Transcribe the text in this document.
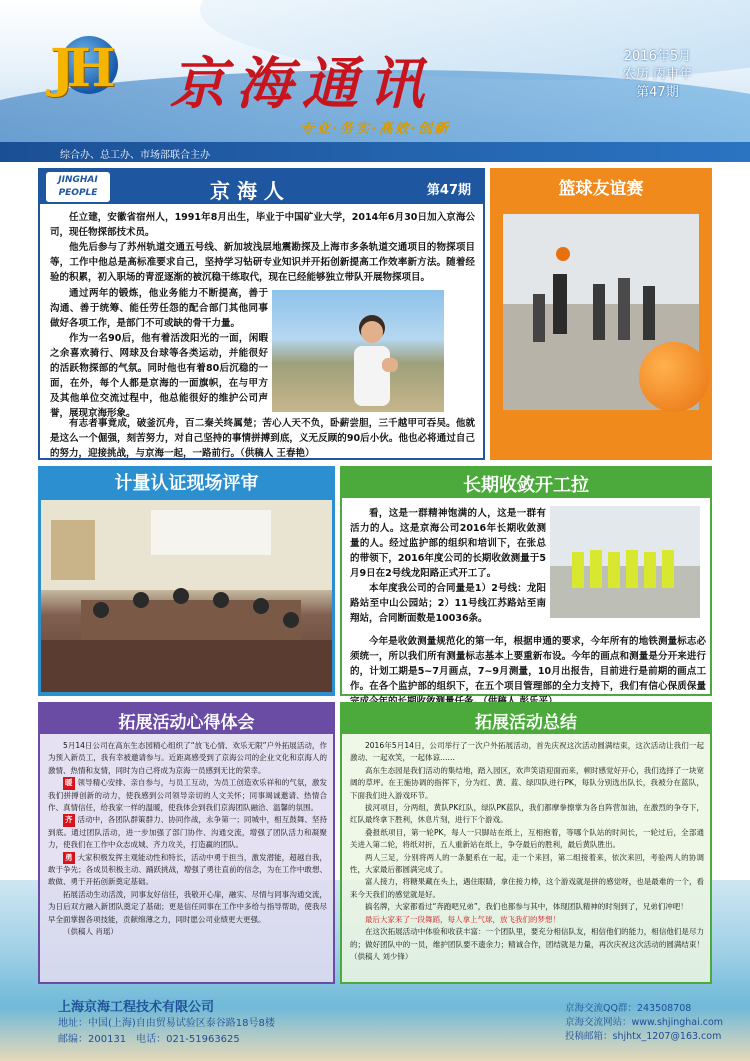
JH 京海通讯
专业·务实·高效·创新
2016年5月
农历 丙申年
第47期
综合办、总工办、市场部联合主办
JINGHAI
PEOPLE	京 海 人	第47期

任立建，安徽省宿州人，1991年8月出生，毕业于中国矿业大学，2014年6月30日加入京海公司，现任物探部技术员。

他先后参与了苏州轨道交通五号线、新加坡浅层地震勘探及上海市多条轨道交通项目的物探项目等，工作中他总是高标准要求自己，坚持学习钻研专业知识并开拓创新提高工作效率新方法。随着经验的积累，初入职场的青涩逐渐的被沉稳干练取代，现在已经能够独立带队开展物探项目。

通过两年的锻炼，他业务能力不断提高，善于沟通、善于统筹、能任劳任怨的配合部门其他同事做好各项工作，是部门不可或缺的骨干力量。

作为一名90后，他有着活泼阳光的一面，闲暇之余喜欢骑行、网球及台球等各类运动，并能很好的活跃物探部的气氛。同时他也有着80后沉稳的一面，在外，每个人都是京海的一面旗帜，在与甲方及其他单位交流过程中，他总能很好的维护公司声誉，展现京海形象。

有志者事竟成，破釜沉舟，百二秦关终属楚；苦心人天不负，卧薪尝胆，三千越甲可吞吴。他就是这么一个倔强，刻苦努力，对自己坚持的事情拼搏到底，义无反顾的90后小伙。他也必将通过自己的努力，迎接挑战，与京海一起，一路前行。（供稿人 王春艳）

篮球友谊赛
计量认证现场评审	长期收敛开工拉

看，这是一群精神饱满的人，这是一群有活力的人。这是京海公司2016年长期收敛测量的人。经过监护部的组织和培训下，在张总的带领下，2016年度公司的长期收敛测量于5月9日在2号线龙阳路正式开工了。

本年度我公司的合同量是1）2号线：龙阳路站至中山公园站；2）11号线江苏路站至南翔站，合同断面数是10036条。

今年是收敛测量规范化的第一年，根据申通的要求，今年所有的地铁测量标志必须统一，所以我们所有测量标志基本上要重新布设。今年的画点和测量是分开来进行的，计划工期是5~7月画点，7~9月测量，10月出报告，目前进行是前期的画点工作。在各个监护部的组织下，在五个项目管理部的全力支持下，我们有信心保质保量

拓展活动心得体会

5月14日公司在高东生态园精心组织了“放飞心情、欢乐无限”户外拓展活动，作为预入新员工，我有幸被邀请参与。近距离感受到了京海公司的企业文化和京海人的激情、热情和友情，同时为自己将成为京海一员感到无比的荣幸。

暖 领导精心安排、亲自参与，与员工互动，为员工创造欢乐祥和的气氛，激发我们拼搏创新的动力，使我感到公司领导亲切的人文关怀；同事竭诚邀请、热情合作、真情信任，给我家一样的温暖，使我体会到我们京海团队融洽、温馨的氛围。

齐 活动中，各团队群策群力、协同作战，永争第一；同城中，相互鼓舞、坚持到底。通过团队活动，进一步加强了部门协作、沟通交流，增强了团队活力和凝聚力，使我们在工作中众志成城、齐力攻关，打造赢的团队。

勇 大家积极发挥主观能动性和特长，活动中勇于担当，激发潜能，超越自我，敢于争先；各成员积极主动、踊跃挑战，增强了勇往直前的信念，为在工作中敢想、敢做、勇于开拓创新奠定基础。

拓展活动生动活泼，同事友好信任，我敬开心扉，融实、尽情与同事沟通交流，为日后双方融入新团队奠定了基础；更是信任同事在工作中多给与指导帮助，使我尽早全面掌握各项技能，贡献绵薄之力，同时愿公司业绩更大更强。

（供稿人 肖瑶）

拓展活动总结

2016年5月14日，公司举行了一次户外拓展活动，首先庆祝这次活动圆满结束，这次活动让我们一起激动、一起欢笑，一起体谅……

高东生态园是我们活动的集结地，踏入园区，欢声笑语迎面而来，顿时感觉好开心，我们选择了一块宽阔的草坪。在王施协调的指挥下，分为红、黄、蓝、绿四队进行PK，每队分别选出队长，我被分在蓝队，下面我们进入游戏环节。

拔河项目，分两组，黄队PK红队，绿队PK蓝队，我们都摩拳擦掌为各自阵营加油，在激烈的争夺下，红队最终拿下胜利，休息片刻，进行下个游戏。

叠报纸项目，第一轮PK，每人一只脚站在纸上，互相抱着，等哪个队站的时间长，一轮过后，全部通关进入第二轮，将纸对折，五人重新站在纸上，争夺最后的胜利，最后黄队胜出。

两人三足，分别将两人的一条腿系在一起，走一个来回，第二组接着来，依次来回，考验两人的协调性，大家最后都圆满完成了。

富人接力，将糖果藏在头上，遇住眼睛，拿住接力棒，这个游戏就是拼的感觉呀，也是最难的一个，看来今天我们的感觉就是好。

搞名牌，大家都看过“奔跑吧兄弟”，我们也都参与其中，体现团队精神的时刻到了，兄弟们冲吧！

最后大家来了一段舞蹈，每人拿上气球，放飞我们的梦想！

在这次拓展活动中体验和收获丰富：一个团队里，要充分相信队友，相信他们的能力，相信他们是尽力的；做好团队中的一员，维护团队要不遗余力；精诚合作，团结就是力量，再次庆祝这次活动的圆满结束！（供稿人 刘少锋）

上海京海工程技术有限公司
地址：中国(上海)自由贸易试验区泰谷路18号8楼
邮编：200131　电话：021-51963625
京海交流QQ群：243508708
京海交流网站：www.shjinghai.com
投稿邮箱：shjhtx_1207@163.com
